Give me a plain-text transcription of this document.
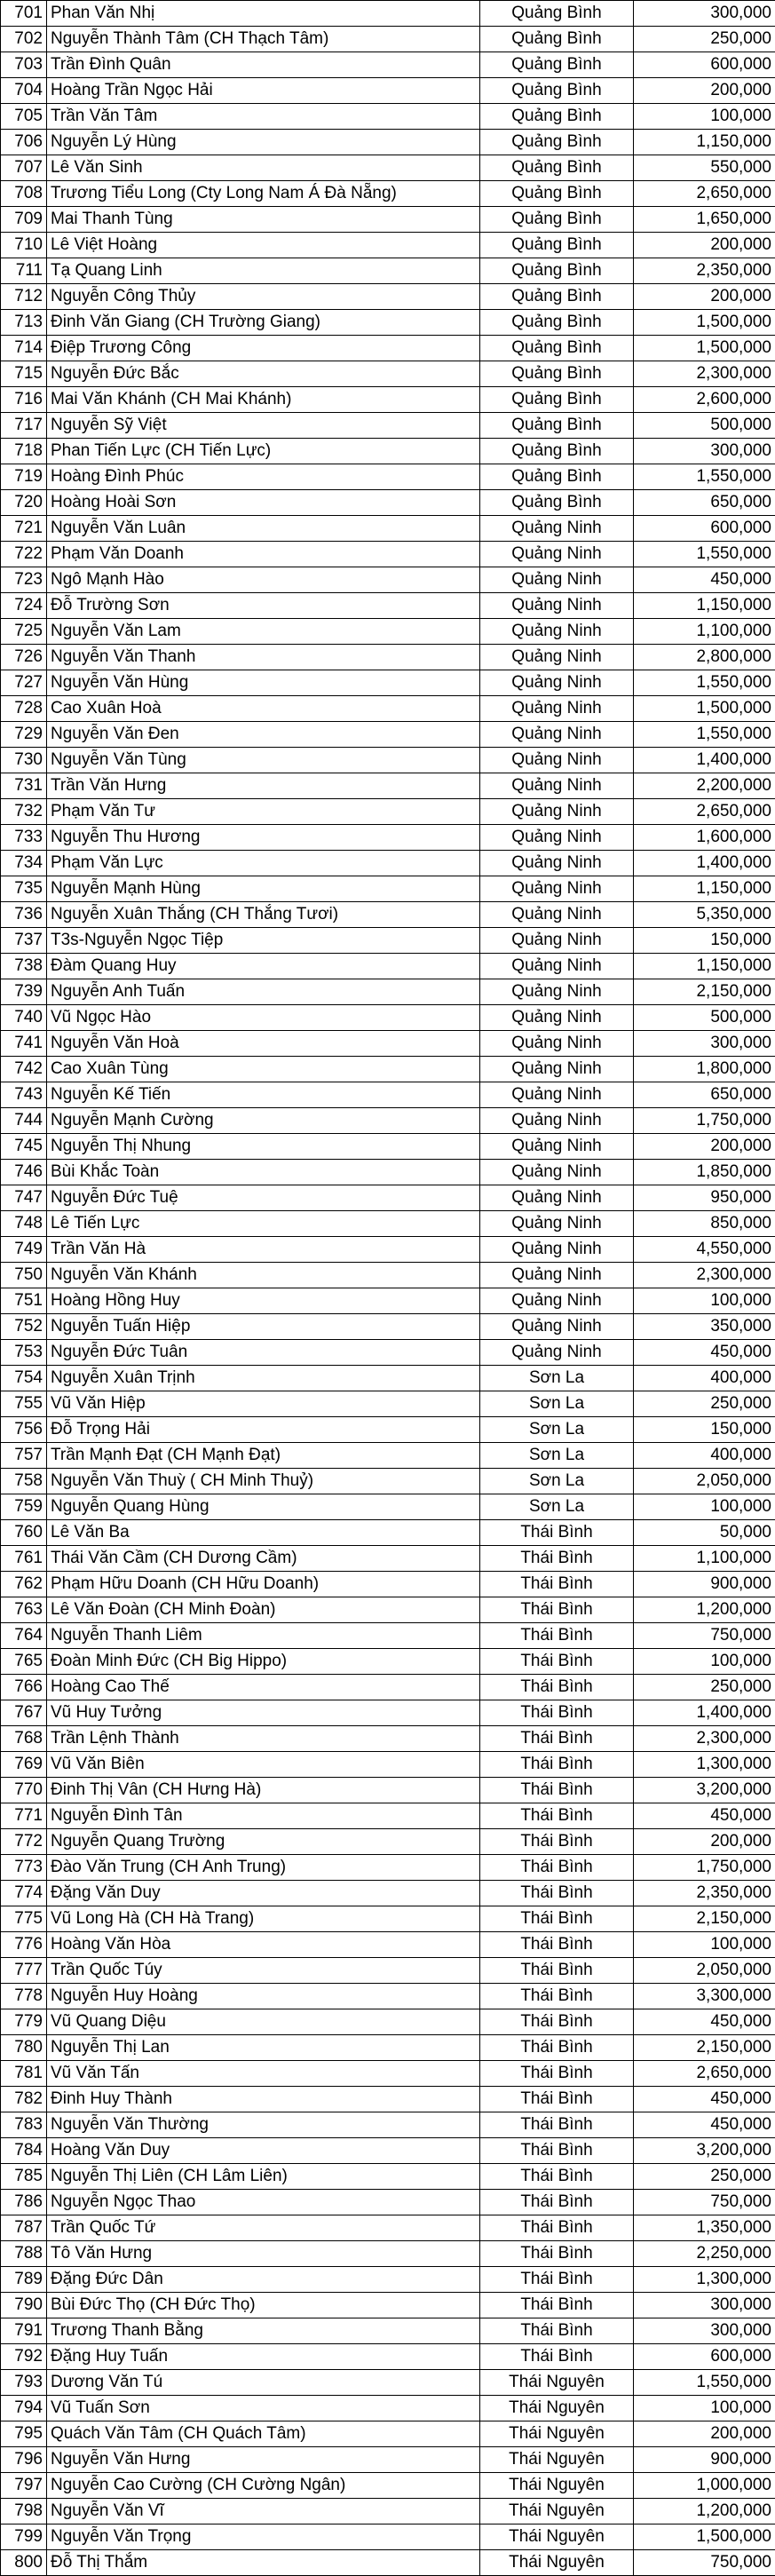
701	Phan Văn Nhị	Quảng Bình	300,000
702	Nguyễn Thành Tâm (CH Thạch Tâm)	Quảng Bình	250,000
703	Trần Đình Quân	Quảng Bình	600,000
704	Hoàng Trần Ngọc Hải	Quảng Bình	200,000
705	Trần Văn Tâm	Quảng Bình	100,000
706	Nguyễn Lý Hùng	Quảng Bình	1,150,000
707	Lê Văn Sinh	Quảng Bình	550,000
708	Trương Tiểu Long (Cty Long Nam Á Đà Nẵng)	Quảng Bình	2,650,000
709	Mai Thanh Tùng	Quảng Bình	1,650,000
710	Lê Việt Hoàng	Quảng Bình	200,000
711	Tạ Quang Linh	Quảng Bình	2,350,000
712	Nguyễn Công Thủy	Quảng Bình	200,000
713	Đinh Văn Giang (CH Trường Giang)	Quảng Bình	1,500,000
714	Điệp Trương Công	Quảng Bình	1,500,000
715	Nguyễn Đức Bắc	Quảng Bình	2,300,000
716	Mai Văn Khánh (CH Mai Khánh)	Quảng Bình	2,600,000
717	Nguyễn Sỹ Việt	Quảng Bình	500,000
718	Phan Tiến Lực (CH Tiến Lực)	Quảng Bình	300,000
719	Hoàng Đình Phúc	Quảng Bình	1,550,000
720	Hoàng Hoài Sơn	Quảng Bình	650,000
721	Nguyễn Văn Luân	Quảng Ninh	600,000
722	Phạm Văn Doanh	Quảng Ninh	1,550,000
723	Ngô Mạnh Hào	Quảng Ninh	450,000
724	Đỗ Trường Sơn	Quảng Ninh	1,150,000
725	Nguyễn Văn Lam	Quảng Ninh	1,100,000
726	Nguyễn Văn Thanh	Quảng Ninh	2,800,000
727	Nguyễn Văn Hùng	Quảng Ninh	1,550,000
728	Cao Xuân Hoà	Quảng Ninh	1,500,000
729	Nguyễn Văn Đen	Quảng Ninh	1,550,000
730	Nguyễn Văn Tùng	Quảng Ninh	1,400,000
731	Trần Văn Hưng	Quảng Ninh	2,200,000
732	Phạm Văn Tư	Quảng Ninh	2,650,000
733	Nguyễn Thu Hương	Quảng Ninh	1,600,000
734	Phạm Văn Lực	Quảng Ninh	1,400,000
735	Nguyễn Mạnh Hùng	Quảng Ninh	1,150,000
736	Nguyễn Xuân Thắng (CH Thắng Tươi)	Quảng Ninh	5,350,000
737	T3s-Nguyễn Ngọc Tiệp	Quảng Ninh	150,000
738	Đàm Quang Huy	Quảng Ninh	1,150,000
739	Nguyễn Anh Tuấn	Quảng Ninh	2,150,000
740	Vũ Ngọc Hào	Quảng Ninh	500,000
741	Nguyễn Văn Hoà	Quảng Ninh	300,000
742	Cao Xuân Tùng	Quảng Ninh	1,800,000
743	Nguyễn Kế Tiến	Quảng Ninh	650,000
744	Nguyễn Mạnh Cường	Quảng Ninh	1,750,000
745	Nguyễn Thị Nhung	Quảng Ninh	200,000
746	Bùi Khắc Toàn	Quảng Ninh	1,850,000
747	Nguyễn Đức Tuệ	Quảng Ninh	950,000
748	Lê Tiến Lực	Quảng Ninh	850,000
749	Trần Văn Hà	Quảng Ninh	4,550,000
750	Nguyễn Văn Khánh	Quảng Ninh	2,300,000
751	Hoàng Hồng Huy	Quảng Ninh	100,000
752	Nguyễn Tuấn Hiệp	Quảng Ninh	350,000
753	Nguyễn Đức Tuân	Quảng Ninh	450,000
754	Nguyễn Xuân Trịnh	Sơn La	400,000
755	Vũ Văn Hiệp	Sơn La	250,000
756	Đỗ Trọng Hải	Sơn La	150,000
757	Trần Mạnh Đạt (CH Mạnh Đạt)	Sơn La	400,000
758	Nguyễn Văn Thuỳ ( CH Minh Thuỷ)	Sơn La	2,050,000
759	Nguyễn Quang Hùng	Sơn La	100,000
760	Lê Văn Ba	Thái Bình	50,000
761	Thái Văn Cầm (CH Dương Cầm)	Thái Bình	1,100,000
762	Phạm Hữu Doanh (CH Hữu Doanh)	Thái Bình	900,000
763	Lê Văn Đoàn (CH Minh Đoàn)	Thái Bình	1,200,000
764	Nguyễn Thanh Liêm	Thái Bình	750,000
765	Đoàn Minh Đức (CH Big Hippo)	Thái Bình	100,000
766	Hoàng Cao Thế	Thái Bình	250,000
767	Vũ Huy Tưởng	Thái Bình	1,400,000
768	Trần Lệnh Thành	Thái Bình	2,300,000
769	Vũ Văn Biên	Thái Bình	1,300,000
770	Đinh Thị Vân (CH Hưng Hà)	Thái Bình	3,200,000
771	Nguyễn Đình Tân	Thái Bình	450,000
772	Nguyễn Quang Trường	Thái Bình	200,000
773	Đào Văn Trung (CH Anh Trung)	Thái Bình	1,750,000
774	Đặng Văn Duy	Thái Bình	2,350,000
775	Vũ Long Hà (CH Hà Trang)	Thái Bình	2,150,000
776	Hoàng Văn Hòa	Thái Bình	100,000
777	Trần Quốc Túy	Thái Bình	2,050,000
778	Nguyễn Huy Hoàng	Thái Bình	3,300,000
779	Vũ Quang Diệu	Thái Bình	450,000
780	Nguyễn Thị Lan	Thái Bình	2,150,000
781	Vũ Văn Tấn	Thái Bình	2,650,000
782	Đinh Huy Thành	Thái Bình	450,000
783	Nguyễn Văn Thường	Thái Bình	450,000
784	Hoàng Văn Duy	Thái Bình	3,200,000
785	Nguyễn Thị Liên (CH Lâm Liên)	Thái Bình	250,000
786	Nguyễn Ngọc Thao	Thái Bình	750,000
787	Trần Quốc Tứ	Thái Bình	1,350,000
788	Tô Văn Hưng	Thái Bình	2,250,000
789	Đặng Đức Dân	Thái Bình	1,300,000
790	Bùi Đức Thọ (CH Đức Thọ)	Thái Bình	300,000
791	Trương Thanh Bằng	Thái Bình	300,000
792	Đặng Huy Tuấn	Thái Bình	600,000
793	Dương Văn Tú	Thái Nguyên	1,550,000
794	Vũ Tuấn Sơn	Thái Nguyên	100,000
795	Quách Văn Tâm (CH Quách Tâm)	Thái Nguyên	200,000
796	Nguyễn Văn Hưng	Thái Nguyên	900,000
797	Nguyễn Cao Cường (CH Cường Ngân)	Thái Nguyên	1,000,000
798	Nguyễn Văn Vĩ	Thái Nguyên	1,200,000
799	Nguyễn Văn Trọng	Thái Nguyên	1,500,000
800	Đỗ Thị Thắm	Thái Nguyên	750,000
